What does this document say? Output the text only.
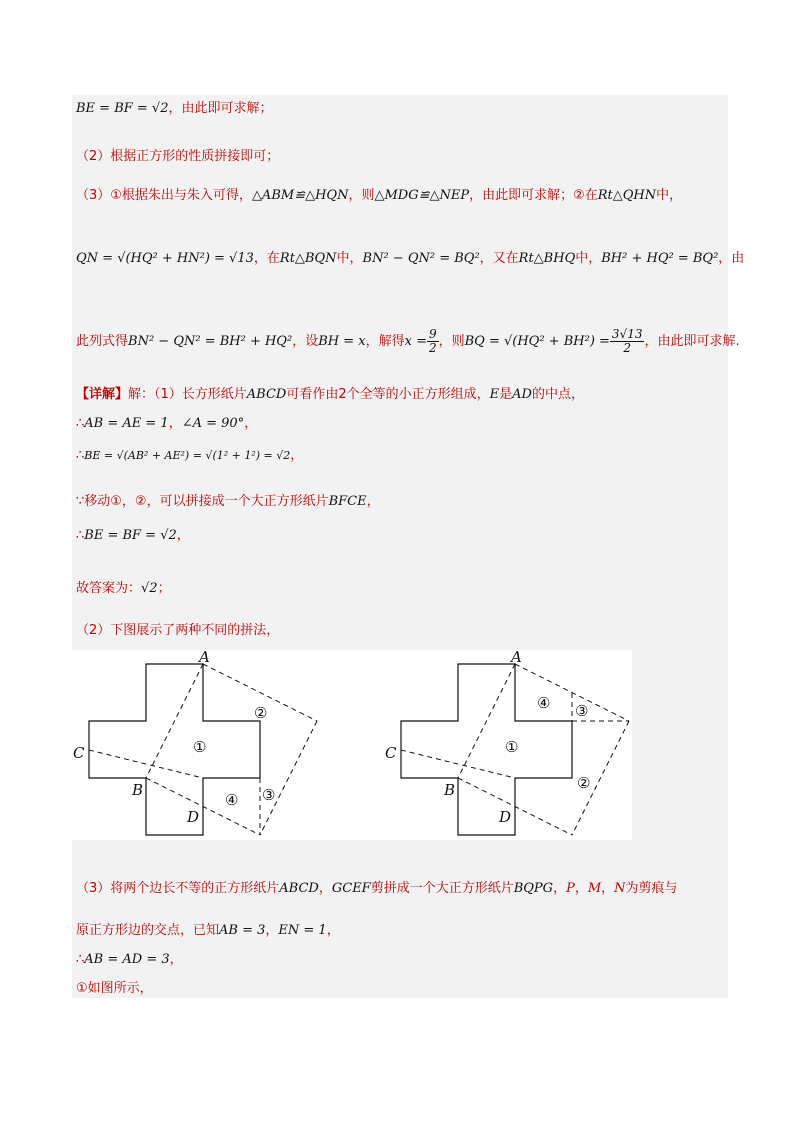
BE = BF = √2，由此即可求解；
（2）根据正方形的性质拼接即可；
（3）①根据朱出与朱入可得，△ABM≌△HQN，则△MDG≌△NEP，由此即可求解；②在Rt△QHN中，
QN = √(HQ² + HN²) = √13，在Rt△BQN中，BN² − QN² = BQ²，又在Rt△BHQ中，BH² + HQ² = BQ²，由
此列式得BN² − QN² = BH² + HQ²，设BH = x，解得$x = \frac{9}{2}$ ，则BQ = $√(HQ^2 + BH^2) = \frac{3√13}{2}$ ，由此即可求解.
【详解】解：（1）长方形纸片ABCD可看作由2个全等的小正方形组成，E是AD的中点，
∴AB = AE = 1，∠A = 90°，
∴BE = √(AB² + AE²) = √(1² + 1²) = √2，
∵移动①，②，可以拼接成一个大正方形纸片BFCE，
∴BE = BF = √2，
故答案为：√2；
（2）下图展示了两种不同的拼法，
A
B
C
D
①
②
③
④
A
B
C
D
①
②
③
④
（3）将两个边长不等的正方形纸片ABCD，GCEF剪拼成一个大正方形纸片BQPG，P，M，N为剪痕与
原正方形边的交点，已知AB = 3，EN = 1，
∴AB = AD = 3，
①如图所示，
